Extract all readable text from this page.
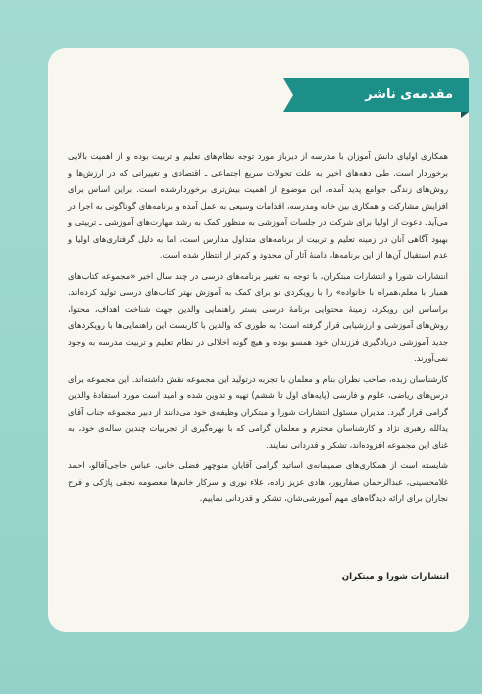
مقدمه‌ی ناشر

همکاری اولیای دانش آموزان با مدرسه از دیرباز مورد توجه نظام‌های تعلیم و تربیت بوده و از اهمیت بالایی برخوردار است. طی دهه‌های اخیر به علت تحولات سریع اجتماعی ـ اقتصادی و تغییراتی که در ارزش‌ها و روش‌های زندگی جوامع پدید آمده، این موضوع از اهمیت بیش‌تری برخوردارشده است. براین اساس برای افزایش مشارکت و همکاری بین خانه ومدرسه، اقدامات وسیعی به عمل آمده و برنامه‌های گوناگونی به اجرا در می‌آید. دعوت از اولیا برای شرکت در جلسات آموزشی به منظور کمک به رشد مهارت‌های آموزشی ـ تربیتی و بهبود آگاهی آنان در زمینه تعلیم و تربیت از برنامه‌های متداول مدارس است، اما به دلیل گرفتاری‌های اولیا و عدم استقبال آن‌ها از این برنامه‌ها، دامنهٔ آثار آن محدود و کم‌تر از انتظار شده است.

انتشارات شورا و انتشارات مبتکران، با توجه به تغییر برنامه‌های درسی در چند سال اخیر «مجموعه کتاب‌های همیار با معلم،همراه با خانواده» را با رویکردی نو برای کمک به آموزش بهتر کتاب‌های درسی تولید کرده‌اند. براساس این رویکرد، زمینهٔ محتوایی برنامهٔ درسی بستر راهنمایی والدین جهت شناخت اهداف، محتوا، روش‌های آموزشی و ارزشیابی قرار گرفته است؛ به طوری که والدین با کاربست این راهنمایی‌ها با رویکردهای جدید آموزشی دریادگیری فرزندان خود همسو بوده و هیچ گونه اخلالی در نظام تعلیم و تربیت مدرسه به وجود نمی‌آورند.

کارشناسان زبده، صاحب نظران بنام و معلمان با تجربه درتولید این مجموعه نقش داشته‌اند. این مجموعه برای درس‌های ریاضی، علوم و فارسی (پایه‌های اول تا ششم) تهیه و تدوین شده و امید است مورد استفادهٔ والدین گرامی قرار گیرد. مدیران مسئول انتشارات شورا و مبتکران وظیفه‌ی خود می‌دانند از دبیر مجموعه جناب آقای یدالله رهبری نژاد و کارشناسان محترم و معلمان گرامی که با بهره‌گیری از تجربیات چندین ساله‌ی خود، به غنای این مجموعه افزوده‌اند، تشکر و قدردانی نمایند.

شایسته است از همکاری‌های صمیمانه‌ی اساتید گرامی آقایان منوچهر فضلی خانی، عباس حاجی‌آقالو، احمد غلامحسینی، عبدالرحمان صفارپور، هادی عزیز زاده، علاء نوری و سرکار خانم‌ها معصومه نجفی پاژکی و فرح نجاران برای ارائه دیدگاه‌های مهم آموزشی‌شان، تشکر و قدردانی نماییم.

انتشارات شورا و مبتکران
